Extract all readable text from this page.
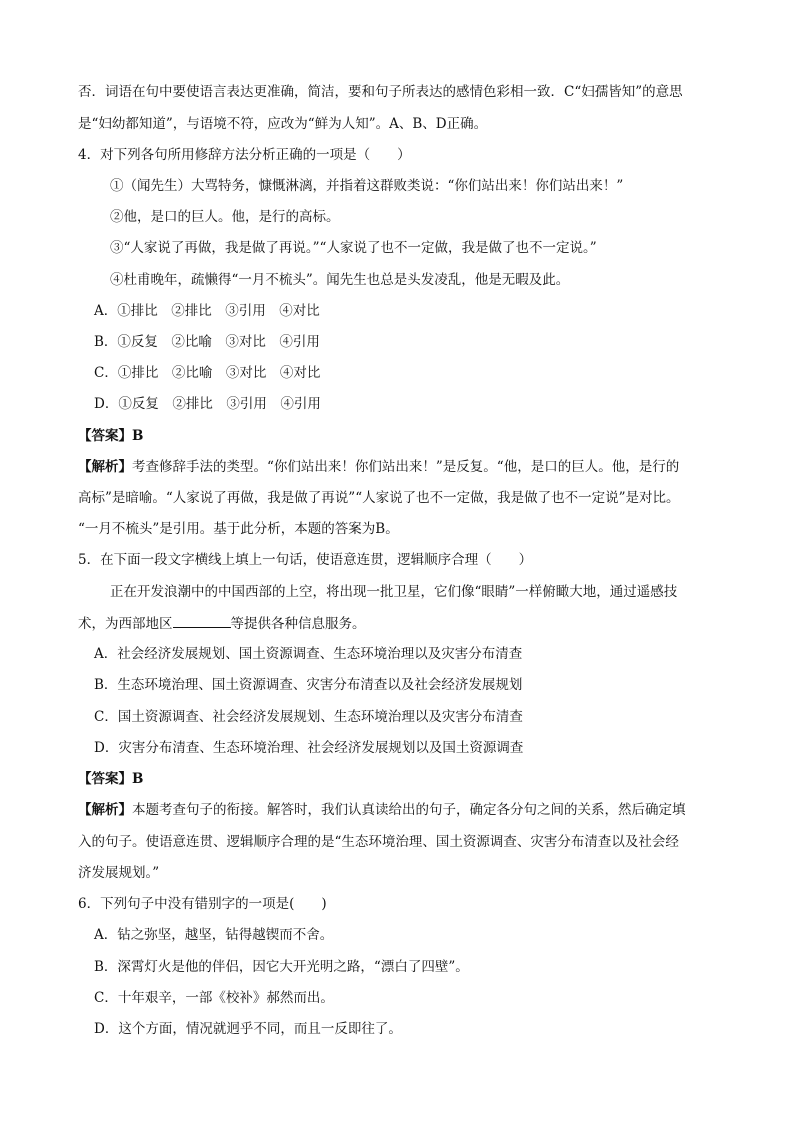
否．词语在句中要使语言表达更准确，简洁，要和句子所表达的感情色彩相一致．C“妇孺皆知”的意思
是“妇幼都知道”，与语境不符，应改为“鲜为人知”。A、B、D正确。
4．对下列各句所用修辞方法分析正确的一项是（　　）
①（闻先生）大骂特务，慷慨淋漓，并指着这群败类说：“你们站出来！你们站出来！”
②他，是口的巨人。他，是行的高标。
③“人家说了再做，我是做了再说。”“人家说了也不一定做，我是做了也不一定说。”
④杜甫晚年，疏懒得“一月不梳头”。闻先生也总是头发凌乱，他是无暇及此。
A．①排比　②排比　③引用　④对比
B．①反复　②比喻　③对比　④引用
C．①排比　②比喻　③对比　④对比
D．①反复　②排比　③引用　④引用
【答案】B
【解析】考查修辞手法的类型。“你们站出来！你们站出来！”是反复。“他，是口的巨人。他，是行的
高标”是暗喻。“人家说了再做，我是做了再说”“人家说了也不一定做，我是做了也不一定说”是对比。
“一月不梳头”是引用。基于此分析，本题的答案为B。
5．在下面一段文字横线上填上一句话，使语意连贯，逻辑顺序合理（　　）
正在开发浪潮中的中国西部的上空，将出现一批卫星，它们像“眼睛”一样俯瞰大地，通过遥感技
术，为西部地区	等提供各种信息服务。
A．社会经济发展规划、国土资源调查、生态环境治理以及灾害分布清查
B．生态环境治理、国土资源调查、灾害分布清查以及社会经济发展规划
C．国土资源调查、社会经济发展规划、生态环境治理以及灾害分布清查
D．灾害分布清查、生态环境治理、社会经济发展规划以及国土资源调查
【答案】B
【解析】本题考查句子的衔接。解答时，我们认真读给出的句子，确定各分句之间的关系，然后确定填
入的句子。使语意连贯、逻辑顺序合理的是“生态环境治理、国土资源调查、灾害分布清查以及社会经
济发展规划。”
6．下列句子中没有错别字的一项是(　　)
A．钻之弥坚，越坚，钻得越锲而不舍。
B．深霄灯火是他的伴侣，因它大开光明之路，“漂白了四壁”。
C．十年艰辛，一部《校补》郝然而出。
D．这个方面，情况就迥乎不同，而且一反即往了。
